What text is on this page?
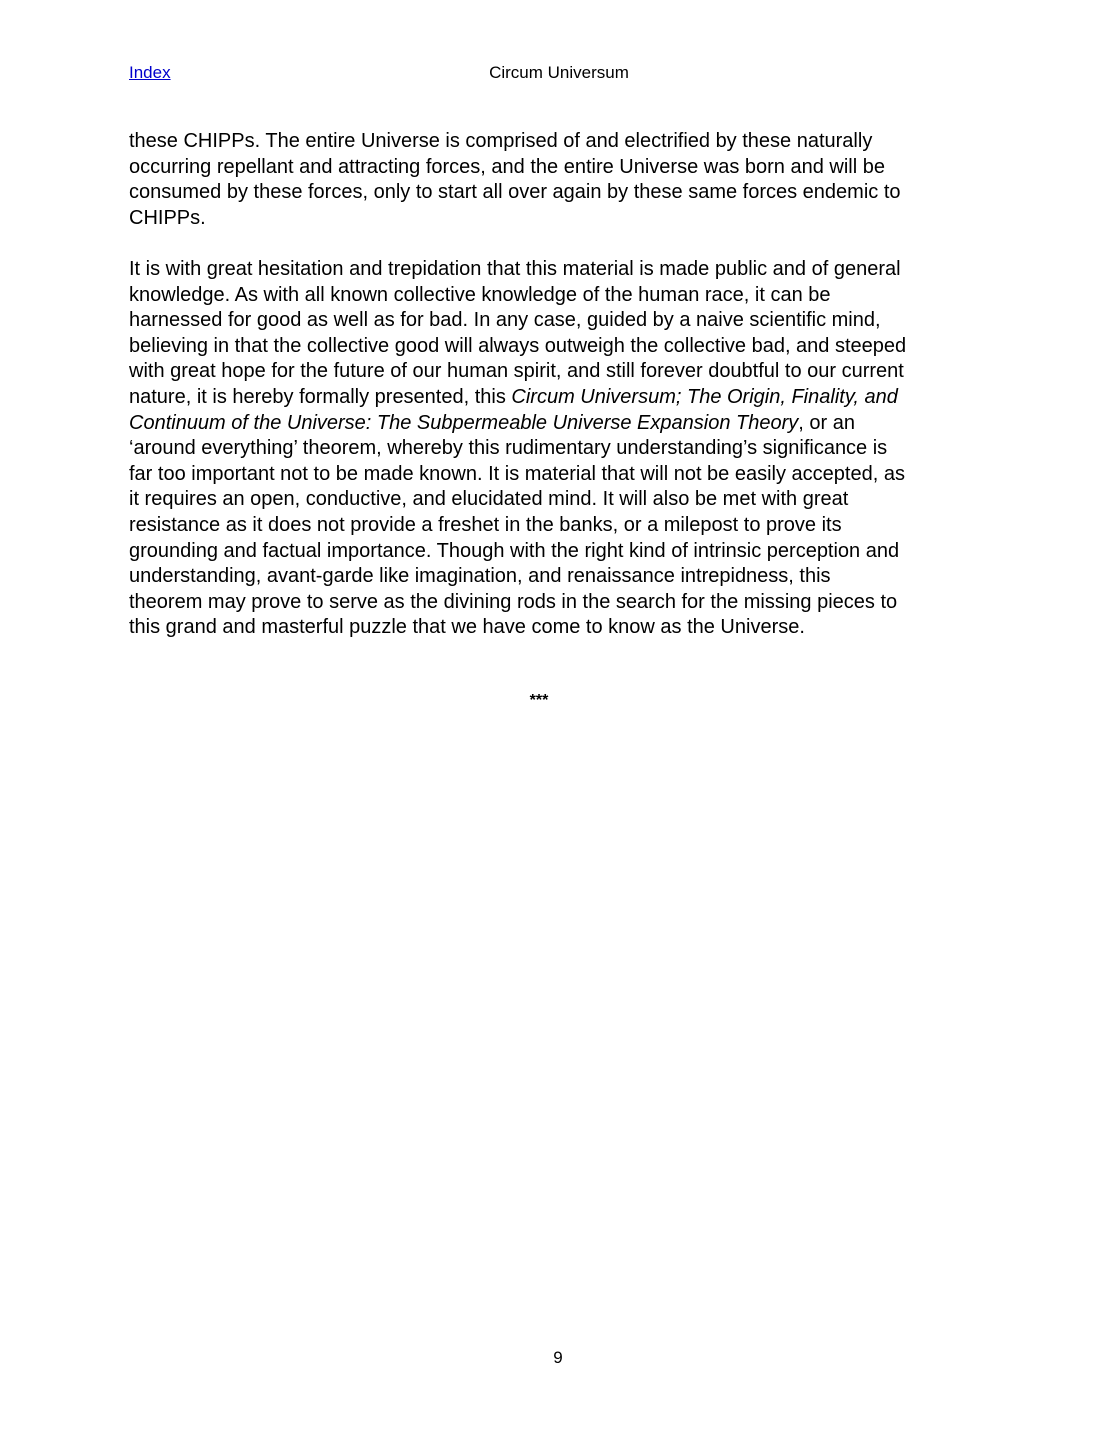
Index	Circum Universum
these CHIPPs. The entire Universe is comprised of and electrified by these naturally
occurring repellant and attracting forces, and the entire Universe was born and will be
consumed by these forces, only to start all over again by these same forces endemic to
CHIPPs.
It is with great hesitation and trepidation that this material is made public and of general
knowledge. As with all known collective knowledge of the human race, it can be
harnessed for good as well as for bad. In any case, guided by a naive scientific mind,
believing in that the collective good will always outweigh the collective bad, and steeped
with great hope for the future of our human spirit, and still forever doubtful to our current
nature, it is hereby formally presented, this Circum Universum; The Origin, Finality, and
Continuum of the Universe: The Subpermeable Universe Expansion Theory, or an
‘around everything’ theorem, whereby this rudimentary understanding’s significance is
far too important not to be made known. It is material that will not be easily accepted, as
it requires an open, conductive, and elucidated mind. It will also be met with great
resistance as it does not provide a freshet in the banks, or a milepost to prove its
grounding and factual importance. Though with the right kind of intrinsic perception and
understanding, avant-garde like imagination, and renaissance intrepidness, this
theorem may prove to serve as the divining rods in the search for the missing pieces to
this grand and masterful puzzle that we have come to know as the Universe.
***
9
